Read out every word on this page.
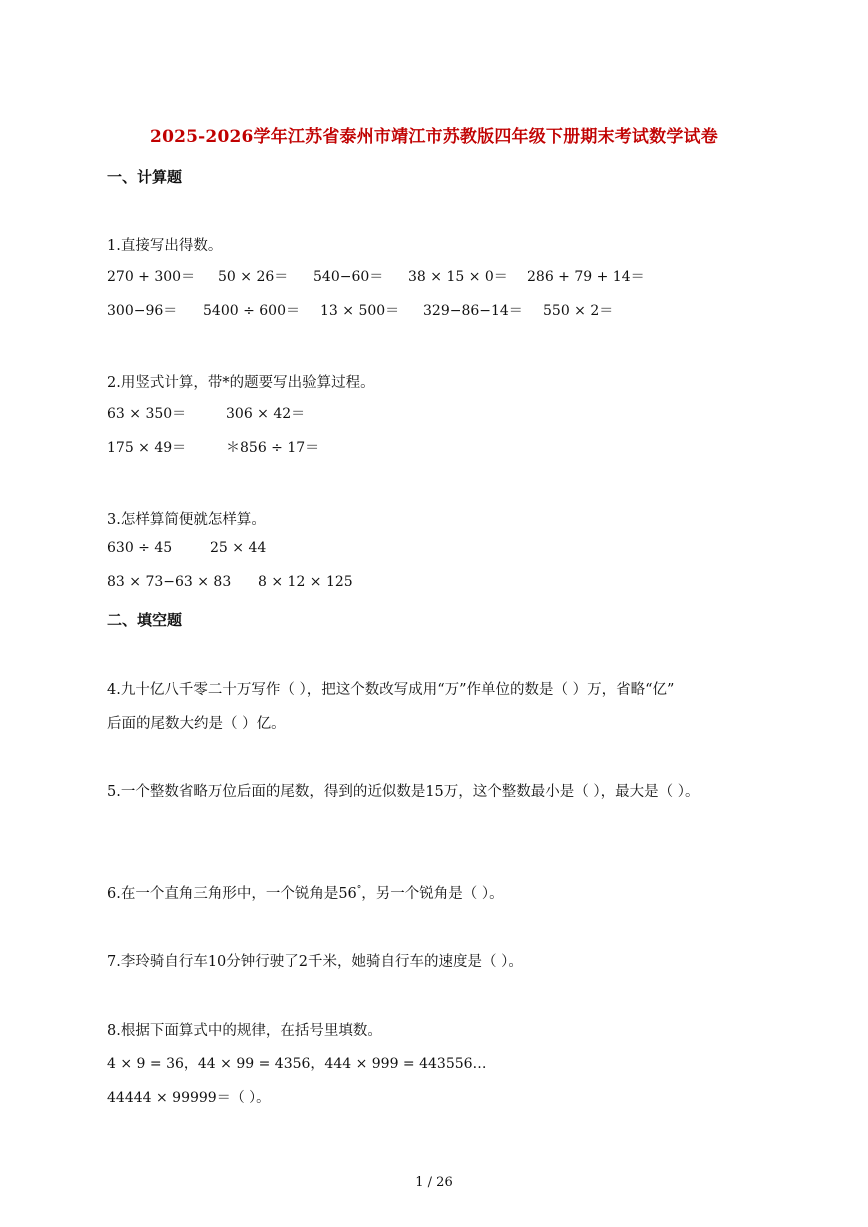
2025-2026学年江苏省泰州市靖江市苏教版四年级下册期末考试数学试卷
一、计算题
1.直接写出得数。
270 + 300＝ 50 × 26＝ 540−60＝ 38 × 15 × 0＝ 286 + 79 + 14＝
300−96＝ 5400 ÷ 600＝ 13 × 500＝ 329−86−14＝ 550 × 2＝
2.用竖式计算，带*的题要写出验算过程。
63 × 350＝	306 × 42＝
175 × 49＝	＊856 ÷ 17＝
3.怎样算简便就怎样算。
630 ÷ 45	25 × 44
83 × 73−63 × 83 8 × 12 × 125
二、填空题
4.九十亿八千零二十万写作（ ），把这个数改写成用“万”作单位的数是（ ）万，省略“亿”
后面的尾数大约是（ ）亿。
5.一个整数省略万位后面的尾数，得到的近似数是15万，这个整数最小是（ ），最大是（ ）。
6.在一个直角三角形中，一个锐角是56°，另一个锐角是（ ）。
7.李玲骑自行车10分钟行驶了2千米，她骑自行车的速度是（ ）。
8.根据下面算式中的规律，在括号里填数。
4 × 9 = 36，44 × 99 = 4356，444 × 999 = 443556…
44444 × 99999＝（ ）。
1 / 26
